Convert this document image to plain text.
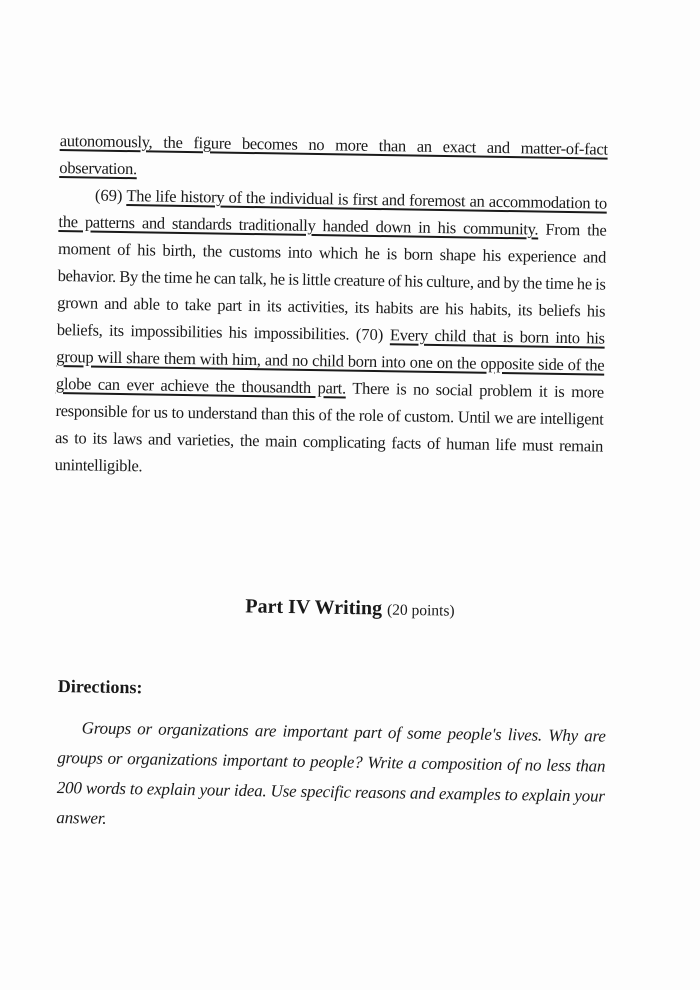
autonomously, the figure becomes no more than an exact and matter-of-fact observation.

(69) The life history of the individual is first and foremost an accommodation to the patterns and standards traditionally handed down in his community. From the moment of his birth, the customs into which he is born shape his experience and behavior. By the time he can talk, he is little creature of his culture, and by the time he is grown and able to take part in its activities, its habits are his habits, its beliefs his beliefs, its impossibilities his impossibilities. (70) Every child that is born into his group will share them with him, and no child born into one on the opposite side of the globe can ever achieve the thousandth part. There is no social problem it is more responsible for us to understand than this of the role of custom. Until we are intelligent as to its laws and varieties, the main complicating facts of human life must remain unintelligible.

Part IV Writing (20 points)
Directions:

Groups or organizations are important part of some people's lives. Why are groups or organizations important to people? Write a composition of no less than 200 words to explain your idea. Use specific reasons and examples to explain your answer.
